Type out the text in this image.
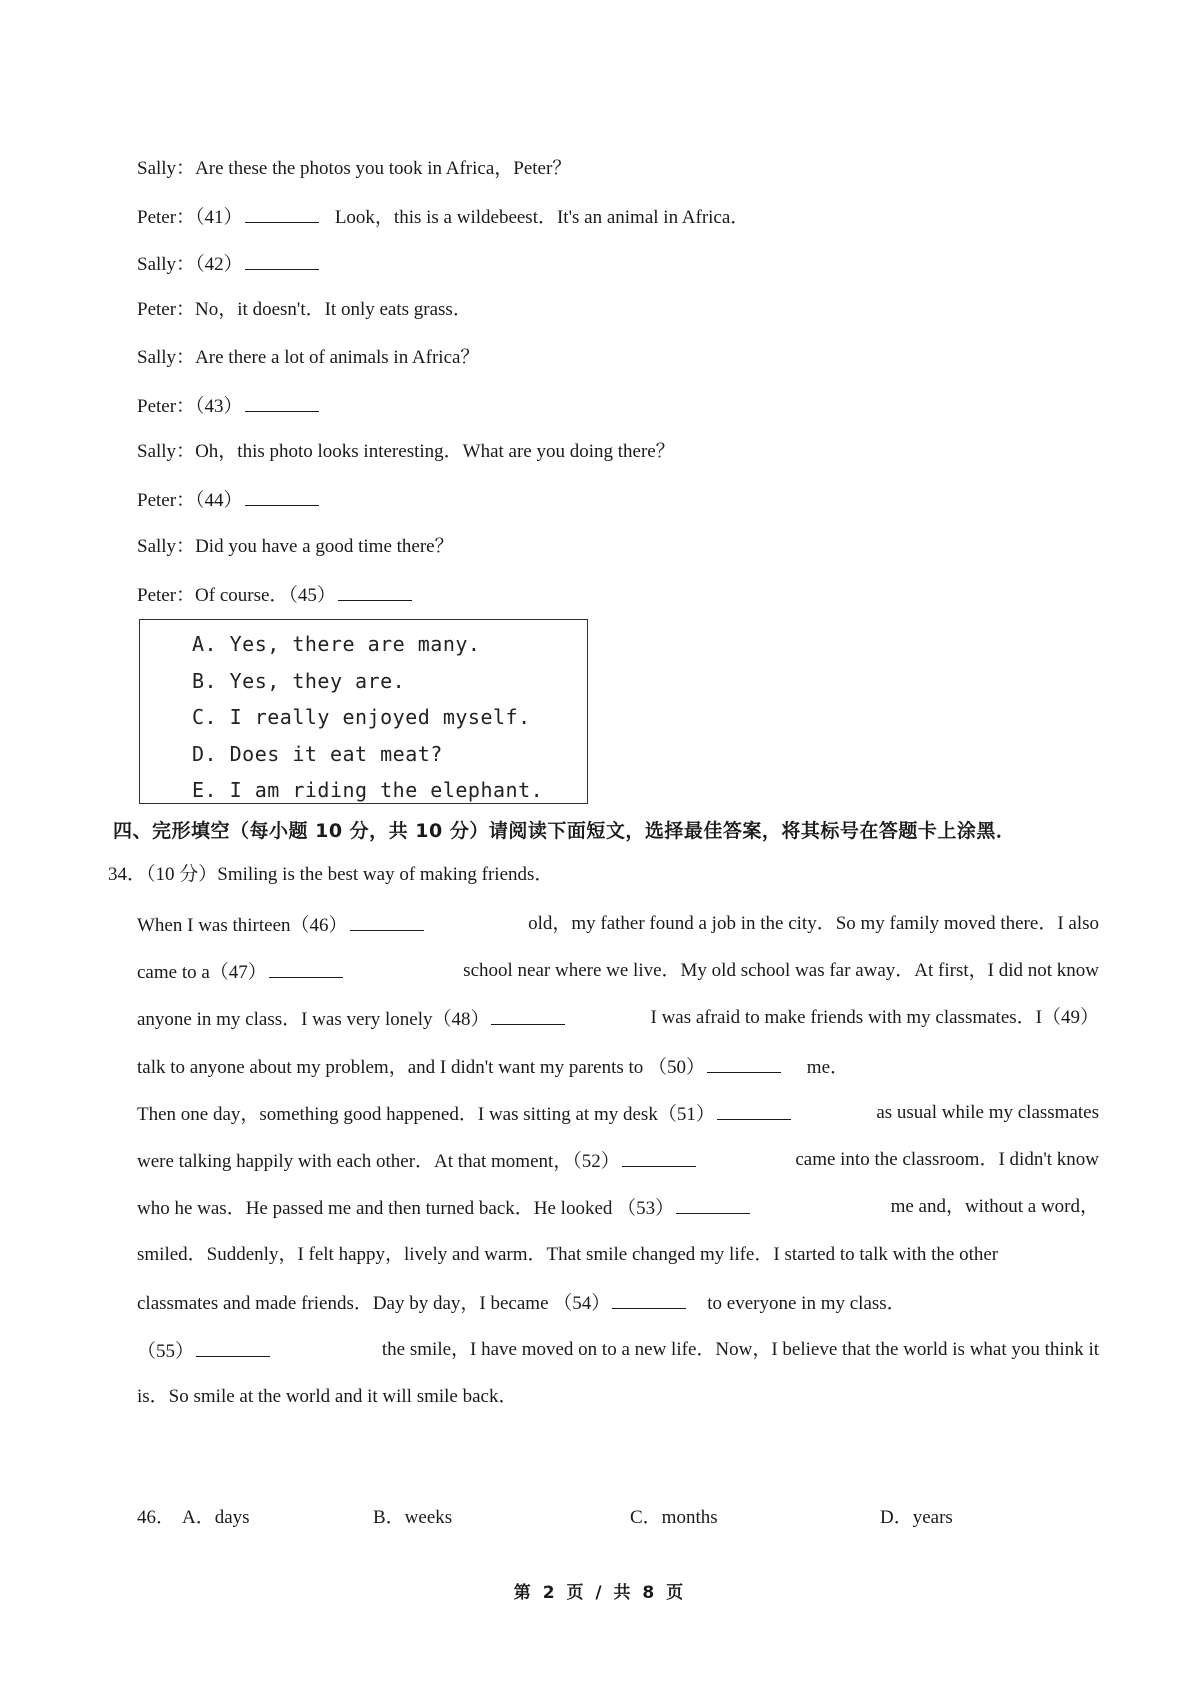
Sally：Are these the photos you took in Africa，Peter？
Peter：（41）	Look，this is a wildebeest．It's an animal in Africa．
Sally：（42）
Peter：No，it doesn't．It only eats grass．
Sally：Are there a lot of animals in Africa？
Peter：（43）
Sally：Oh，this photo looks interesting．What are you doing there？
Peter：（44）
Sally：Did you have a good time there？
Peter：Of course．（45）
A. Yes, there are many.
B. Yes, they are.
C. I really enjoyed myself.
D. Does it eat meat?
E. I am riding the elephant.
四、完形填空（每小题 10 分，共 10 分）请阅读下面短文，选择最佳答案，将其标号在答题卡上涂黑．
34．（10 分）Smiling is the best way of making friends．
When I was thirteen（46）	old，my father found a job in the city．So my family moved there．I also
came to a（47）	school near where we live．My old school was far away．At first，I did not know
anyone in my class．I was very lonely（48）	I was afraid to make friends with my classmates．I（49）
talk to anyone about my problem，and I didn't want my parents to （50）	me．
Then one day，something good happened．I was sitting at my desk（51）	as usual while my classmates
were talking happily with each other．At that moment，（52）	came into the classroom．I didn't know
who he was．He passed me and then turned back．He looked （53）	me and，without a word，
smiled．Suddenly，I felt happy，lively and warm．That smile changed my life．I started to talk with the other
classmates and made friends．Day by day，I became （54）	to everyone in my class．
（55）	the smile，I have moved on to a new life．Now，I believe that the world is what you think it
is．So smile at the world and it will smile back．
46． A．days	B．weeks	C．months	D．years
第 2 页 / 共 8 页
